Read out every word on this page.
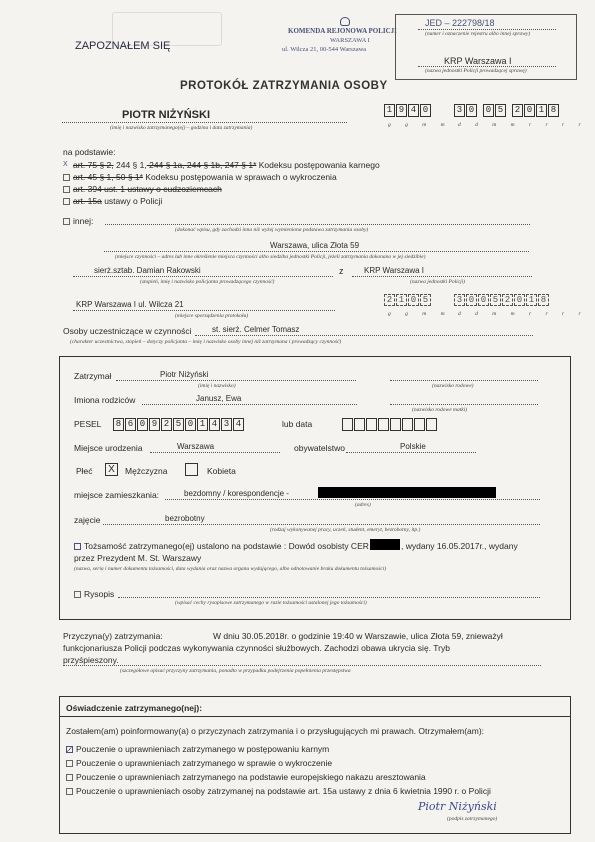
ZAPOZNAŁEM SIĘ
KOMENDA REJONOWA POLICJI
WARSZAWA I
ul. Wilcza 21, 00-544 Warszawa
JED – 222798/18
(numer i oznaczenie rejestru albo innej sprawy)
KRP Warszawa I
(nazwa jednostki Policji prowadzącej sprawę)
PROTOKÓŁ ZATRZYMANIA OSOBY
PIOTR NIŻYŃSKI
(imię i nazwisko zatrzymanego(ej) – godzina i data zatrzymania)
1 9 4 0	3 0	0 5	2 0 1 8
g g m m d d m m r r r r
na podstawie:
X art. 75 § 2, 244 § 1, 244 § 1a, 244 § 1b, 247 § 1* Kodeksu postępowania karnego
art. 45 § 1, 50 § 1* Kodeksu postępowania w sprawach o wykroczenia
art. 394 ust. 1 ustawy o cudzoziemcach
art. 15a ustawy o Policji
innej:
(dokonać wpisu, gdy zachodzi inna niż wyżej wymieniona podstawa zatrzymania osoby)
Warszawa, ulica Złota 59
(miejsce czynności – adres lub inne określenie miejsca czynności albo siedziba jednostki Policji, jeżeli zatrzymania dokonano w jej siedzibie)
sierż.sztab. Damian Rakowski	z	KRP Warszawa I
(stopień, imię i nazwisko policjanta prowadzącego czynność)	(nazwa jednostki Policji)
KRP Warszawa I ul. Wilcza 21
(miejsce sporządzenia protokołu)
2 1 0 5	3 0 0 5 2 0 1 8
g g m m d d m m r r r r
Osoby uczestniczące w czynności	st. sierż. Celmer Tomasz
(charakter uczestnictwa, stopień – dotyczy policjanta – imię i nazwisko osoby innej niż zatrzymana i prowadzący czynność)
Zatrzymał	Piotr Niżyński
(imię i nazwisko)	(nazwisko rodowe)
Imiona rodziców	Janusz, Ewa
(nazwisko rodowe matki)
PESEL	8 6 0 9 2 5 0 1 4 3 4	lub data
Miejsce urodzenia	Warszawa	obywatelstwo	Polskie
Płeć	X	Mężczyzna	Kobieta
miejsce zamieszkania:	bezdomny / korespondencje -
(adres)
zajęcie	bezrobotny
(rodzaj wykonywanej pracy, uczeń, student, emeryt, bezrobotny, itp.)
Tożsamość zatrzymanego(ej) ustalono na podstawie : Dowód osobisty CER	, wydany 16.05.2017r., wydany
przez Prezydent M. St. Warszawy
(nazwa, seria i numer dokumentu tożsamości, data wydania oraz nazwa organu wydającego, albo odnotowanie braku dokumentu tożsamości)
Rysopis
(wpisać cechy rysopisowe zatrzymanego w razie tożsamości ustalonej jego tożsamości)
Przyczyna(y) zatrzymania:	W dniu 30.05.2018r. o godzinie 19:40 w Warszawie, ulica Złota 59, znieważył
funkcjonariusza Policji podczas wykonywania czynności służbowych. Zachodzi obawa ukrycia się. Tryb
przyśpieszony.
(szczegółowe opisać przyczyny zatrzymania, ponadto w przypadku podejrzenia popełnienia przestępstwa
Oświadczenie zatrzymanego(nej):
Zostałem(am) poinformowany(a) o przyczynach zatrzymania i o przysługujących mi prawach. Otrzymałem(am):
Pouczenie o uprawnieniach zatrzymanego w postępowaniu karnym
Pouczenie o uprawnieniach zatrzymanego w sprawie o wykroczenie
Pouczenie o uprawnieniach zatrzymanego na podstawie europejskiego nakazu aresztowania
Pouczenie o uprawnieniach osoby zatrzymanej na podstawie art. 15a ustawy z dnia 6 kwietnia 1990 r. o Policji
Piotr Niżyński
(podpis zatrzymanego)
